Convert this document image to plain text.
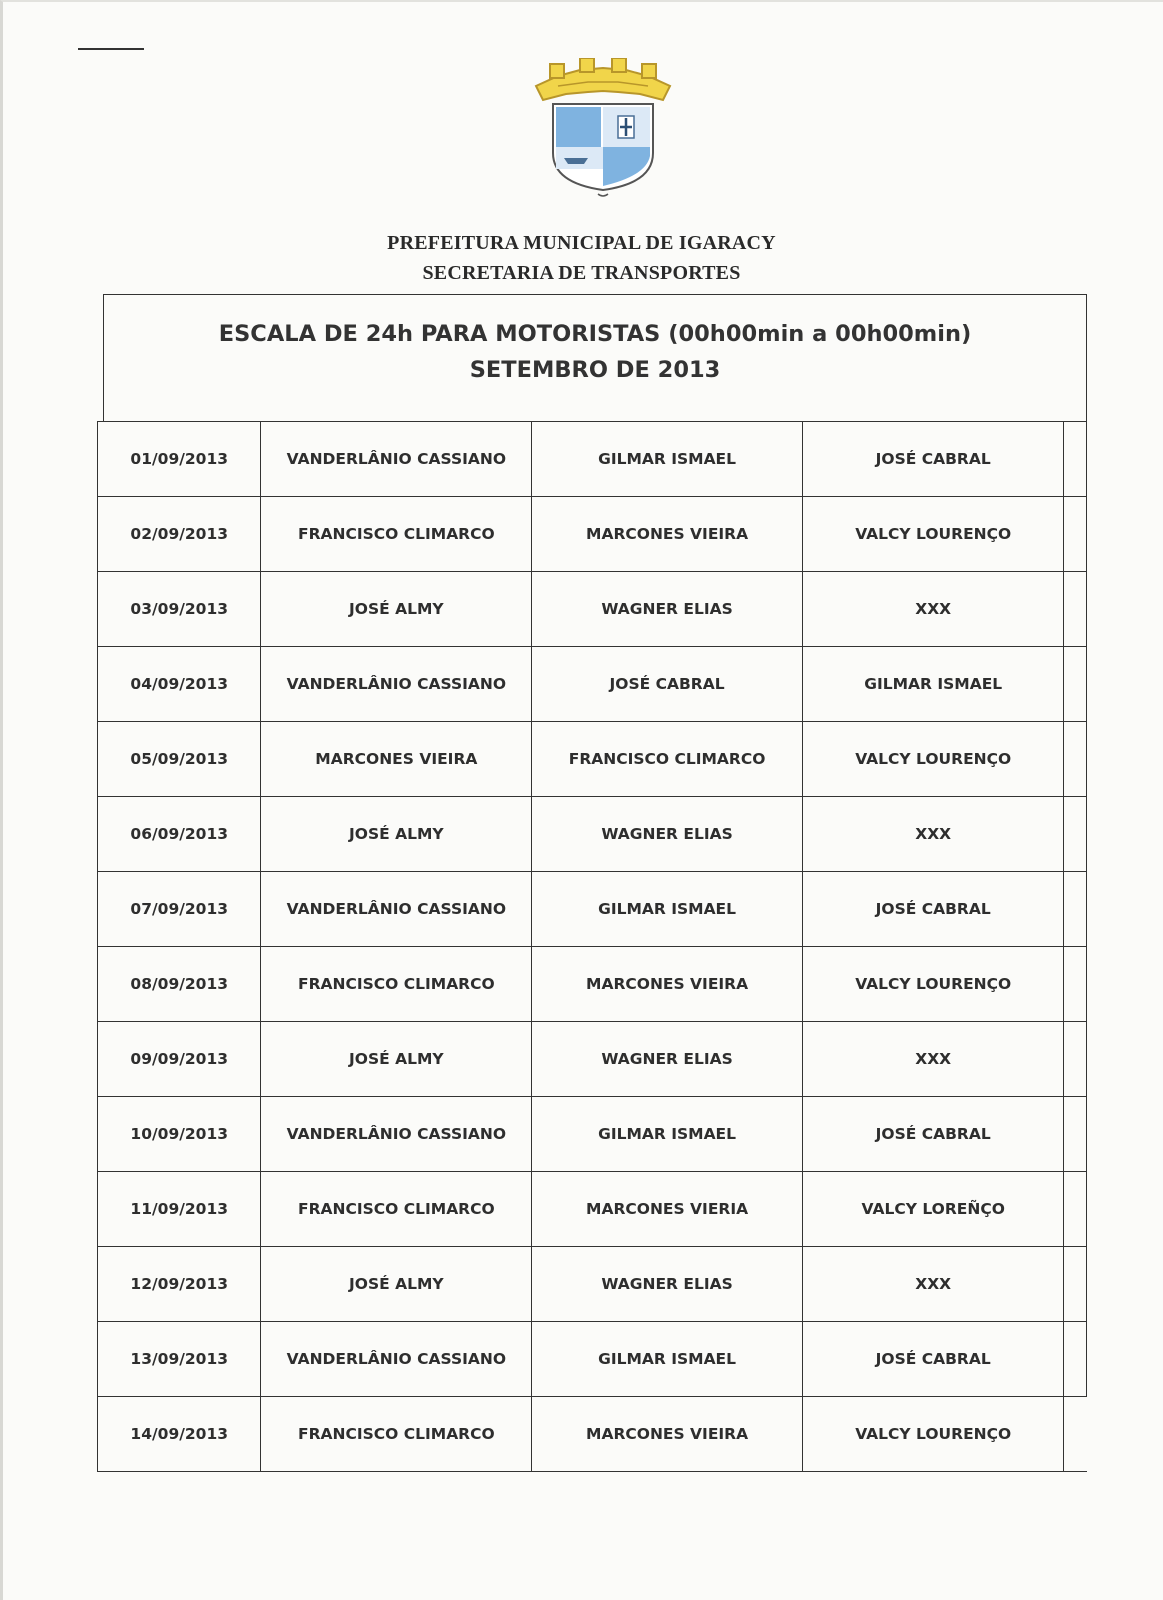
PREFEITURA MUNICIPAL DE IGARACY
SECRETARIA DE TRANSPORTES
ESCALA DE 24h PARA MOTORISTAS (00h00min a 00h00min)
SETEMBRO DE 2013
01/09/2013	VANDERLÂNIO CASSIANO	GILMAR ISMAEL	JOSÉ CABRAL	
02/09/2013	FRANCISCO CLIMARCO	MARCONES VIEIRA	VALCY LOURENÇO	
03/09/2013	JOSÉ ALMY	WAGNER ELIAS	XXX	
04/09/2013	VANDERLÂNIO CASSIANO	JOSÉ CABRAL	GILMAR ISMAEL	
05/09/2013	MARCONES VIEIRA	FRANCISCO CLIMARCO	VALCY LOURENÇO	
06/09/2013	JOSÉ ALMY	WAGNER ELIAS	XXX	
07/09/2013	VANDERLÂNIO CASSIANO	GILMAR ISMAEL	JOSÉ CABRAL	
08/09/2013	FRANCISCO CLIMARCO	MARCONES VIEIRA	VALCY LOURENÇO	
09/09/2013	JOSÉ ALMY	WAGNER ELIAS	XXX	
10/09/2013	VANDERLÂNIO CASSIANO	GILMAR ISMAEL	JOSÉ CABRAL	
11/09/2013	FRANCISCO CLIMARCO	MARCONES VIERIA	VALCY LOREÑÇO	
12/09/2013	JOSÉ ALMY	WAGNER ELIAS	XXX	
13/09/2013	VANDERLÂNIO CASSIANO	GILMAR ISMAEL	JOSÉ CABRAL	
14/09/2013	FRANCISCO CLIMARCO	MARCONES VIEIRA	VALCY LOURENÇO	
